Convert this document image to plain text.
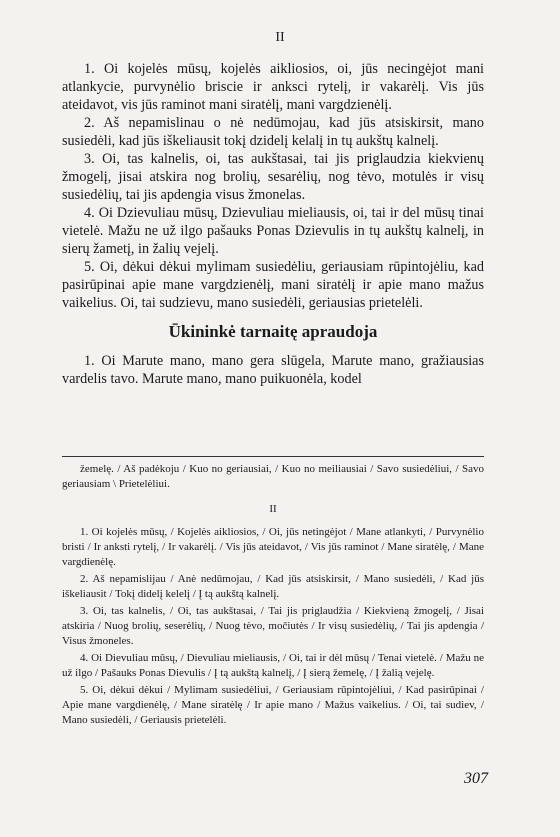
II

1. Oi kojelės mūsų, kojelės aikliosios, oi, jūs necingėjot mani atlankycie, purvynėlio briscie ir anksci rytelį, ir vakarėlį. Vis jūs ateidavot, vis jūs raminot mani siratėlį, mani vargdzienėlį.

2. Aš nepamislinau o nė nedūmojau, kad jūs atsiskirsit, mano susiedėli, kad jūs iškeliausit tokį dzidelį kelalį in tų aukštų kalnelį.

3. Oi, tas kalnelis, oi, tas aukštasai, tai jis priglaudzia kiekvienų žmogelį, jisai atskira nog brolių, sesarėlių, nog tėvo, motulės ir visų susiedėlių, tai jis apdengia visus žmonelas.

4. Oi Dzievuliau mūsų, Dzievuliau mieliausis, oi, tai ir del mūsų tinai vietelė. Mažu ne už ilgo pašauks Ponas Dzievulis in tų aukštų kalnelį, in sierų žametį, in žalių vejelį.

5. Oi, dėkui dėkui mylimam susiedėliu, geriausiam rūpintojėliu, kad pasirūpinai apie mane vargdzienėlį, mani siratėlį ir apie mano mažus vaikelius. Oi, tai sudzievu, mano susiedėli, geriausias prietelėli.

Ūkininkė tarnaitę apraudoja

1. Oi Marute mano, mano gera slūgela, Marute mano, gražiausias vardelis tavo. Marute mano, mano puikuonėla, kodel

žemelę. / Aš padėkoju / Kuo no geriausiai, / Kuo no meiliausiai / Savo susiedėliui, / Savo geriausiam \ Prietelėliui.

II

1. Oi kojelės mūsų, / Kojelės aikliosios, / Oi, jūs netingėjot / Mane atlankyti, / Purvynėlio bristi / Ir anksti rytelį, / Ir vakarėlį. / Vis jūs ateidavot, / Vis jūs raminot / Mane siratėlę, / Mane vargdienėlę.

2. Aš nepamislijau / Anė nedūmojau, / Kad jūs atsiskirsit, / Mano susiedėli, / Kad jūs iškeliausit / Tokį didelį kelelį / Į tą aukštą kalnelį.

3. Oi, tas kalnelis, / Oi, tas aukštasai, / Tai jis priglaudžia / Kiekvieną žmogelį, / Jisai atskiria / Nuog brolių, seserėlių, / Nuog tėvo, močiutės / Ir visų susiedėlių, / Tai jis apdengia / Visus žmoneles.

4. Oi Dievuliau mūsų, / Dievuliau mieliausis, / Oi, tai ir dėl mūsų / Tenai vietelė. / Mažu ne už ilgo / Pašauks Ponas Dievulis / Į tą aukštą kalnelį, / Į sierą žemelę, / Į žalią vejelę.

5. Oi, dėkui dėkui / Mylimam susiedėliui, / Geriausiam rūpintojėliui, / Kad pasirūpinai / Apie mane vargdienėlę, / Mane siratėlę / Ir apie mano / Mažus vaikelius. / Oi, tai sudiev, / Mano susiedėli, / Geriausis prietelėli.

307
